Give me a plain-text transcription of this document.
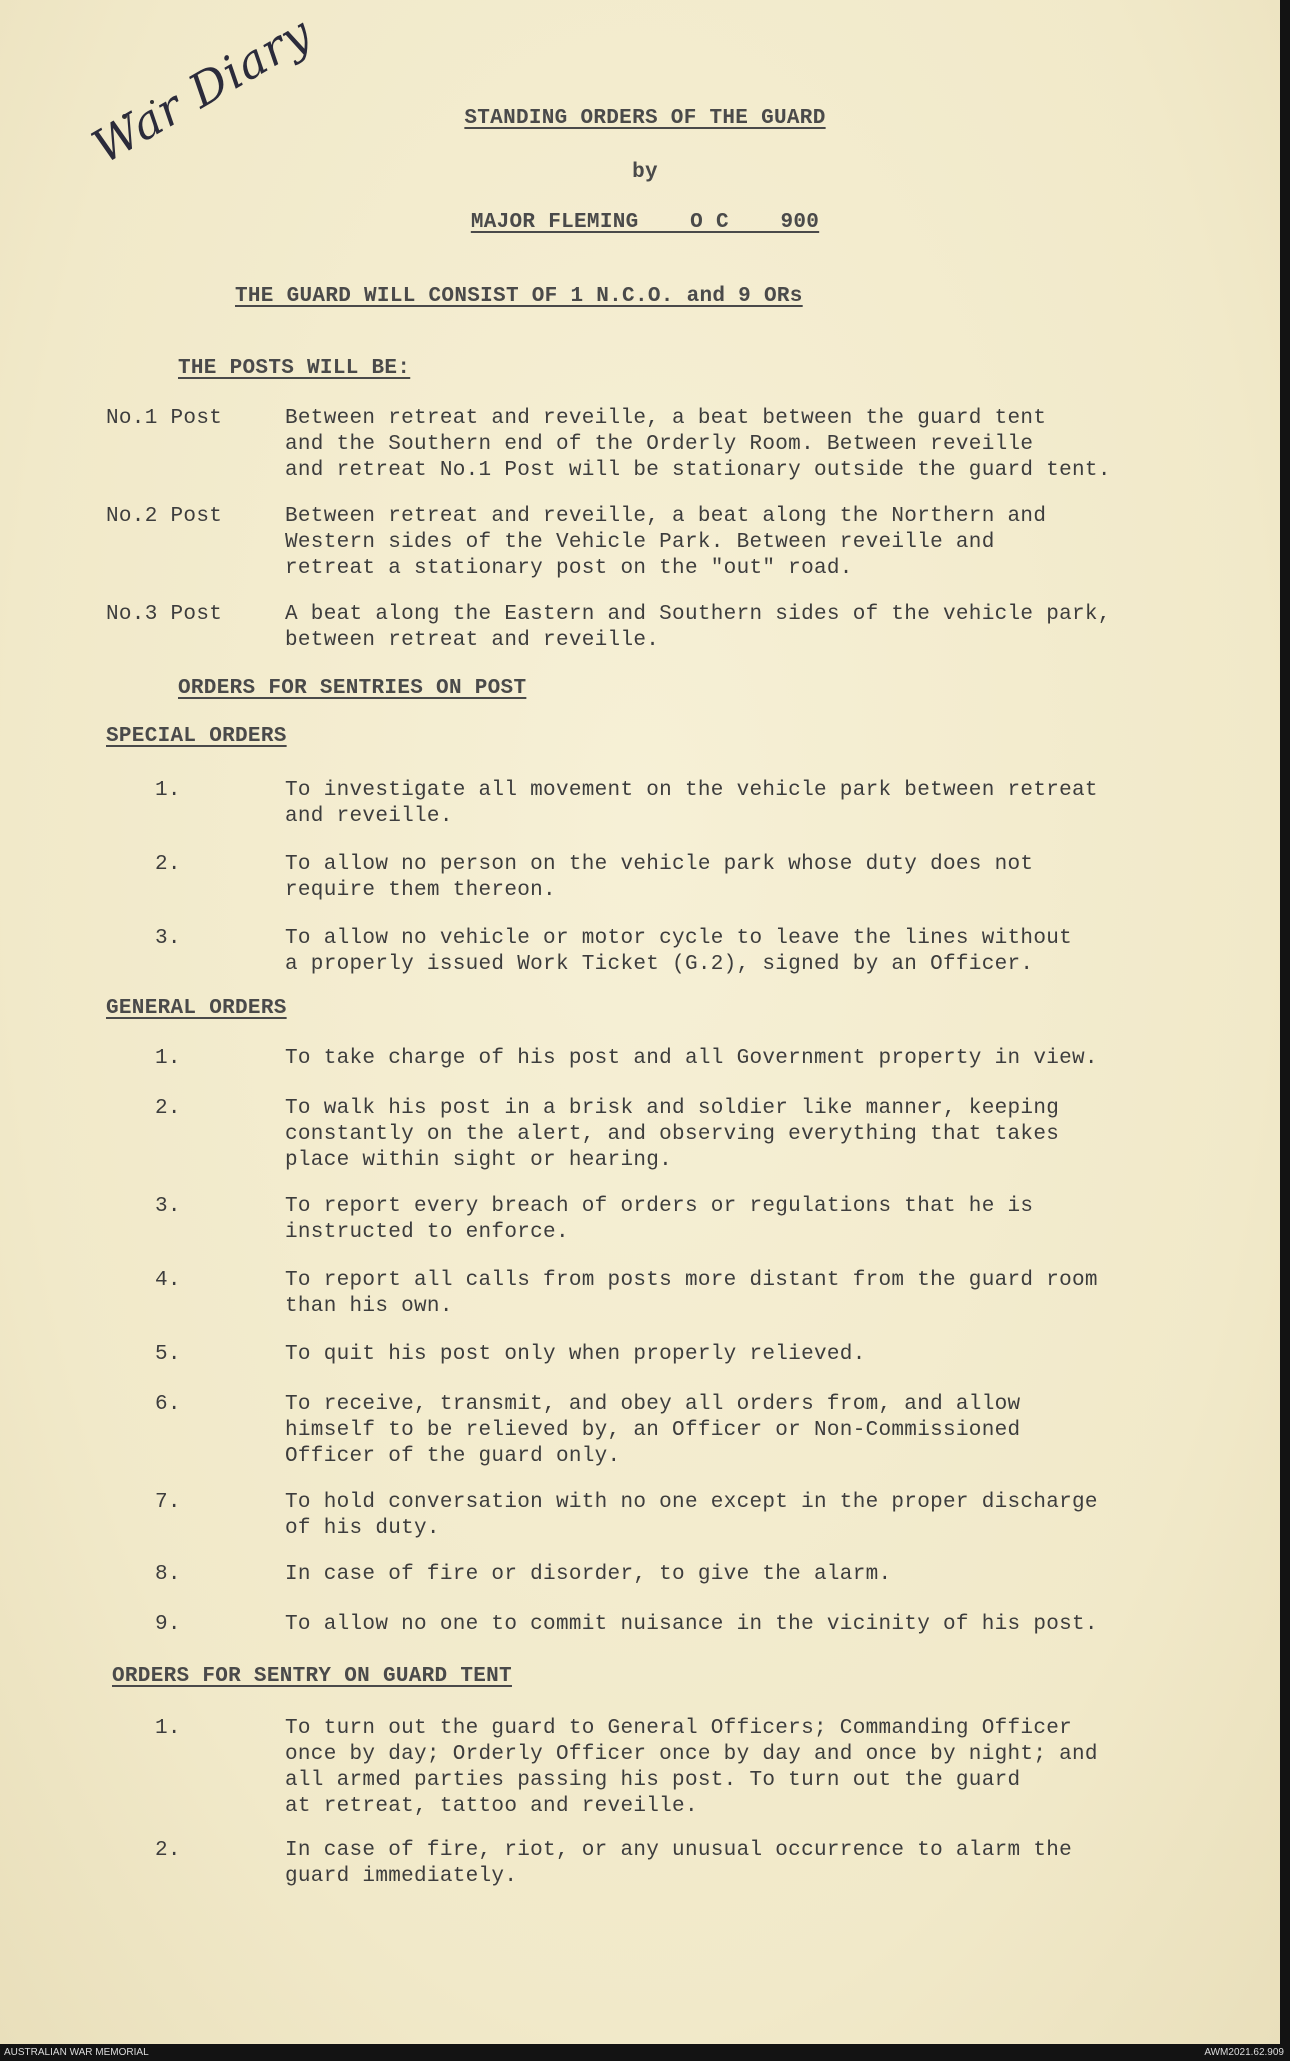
War Diary	STANDING ORDERS OF THE GUARD
by
MAJOR FLEMING    O C    900
THE GUARD WILL CONSIST OF 1 N.C.O. and 9 ORs
THE POSTS WILL BE:
No.1 Post	Between retreat and reveille, a beat between the guard tent
and the Southern end of the Orderly Room. Between reveille
and retreat No.1 Post will be stationary outside the guard tent.
No.2 Post	Between retreat and reveille, a beat along the Northern and
Western sides of the Vehicle Park. Between reveille and
retreat a stationary post on the "out" road.
No.3 Post	A beat along the Eastern and Southern sides of the vehicle park,
between retreat and reveille.
ORDERS FOR SENTRIES ON POST
SPECIAL ORDERS
1.	To investigate all movement on the vehicle park between retreat
and reveille.
2.	To allow no person on the vehicle park whose duty does not
require them thereon.
3.	To allow no vehicle or motor cycle to leave the lines without
a properly issued Work Ticket (G.2), signed by an Officer.
GENERAL ORDERS
1.	To take charge of his post and all Government property in view.
2.	To walk his post in a brisk and soldier like manner, keeping
constantly on the alert, and observing everything that takes
place within sight or hearing.
3.	To report every breach of orders or regulations that he is
instructed to enforce.
4.	To report all calls from posts more distant from the guard room
than his own.
5.	To quit his post only when properly relieved.
6.	To receive, transmit, and obey all orders from, and allow
himself to be relieved by, an Officer or Non-Commissioned
Officer of the guard only.
7.	To hold conversation with no one except in the proper discharge
of his duty.
8.	In case of fire or disorder, to give the alarm.
9.	To allow no one to commit nuisance in the vicinity of his post.
ORDERS FOR SENTRY ON GUARD TENT
1.	To turn out the guard to General Officers; Commanding Officer
once by day; Orderly Officer once by day and once by night; and
all armed parties passing his post. To turn out the guard
at retreat, tattoo and reveille.
2.	In case of fire, riot, or any unusual occurrence to alarm the
guard immediately.
AUSTRALIAN WAR MEMORIAL	AWM2021.62.909
